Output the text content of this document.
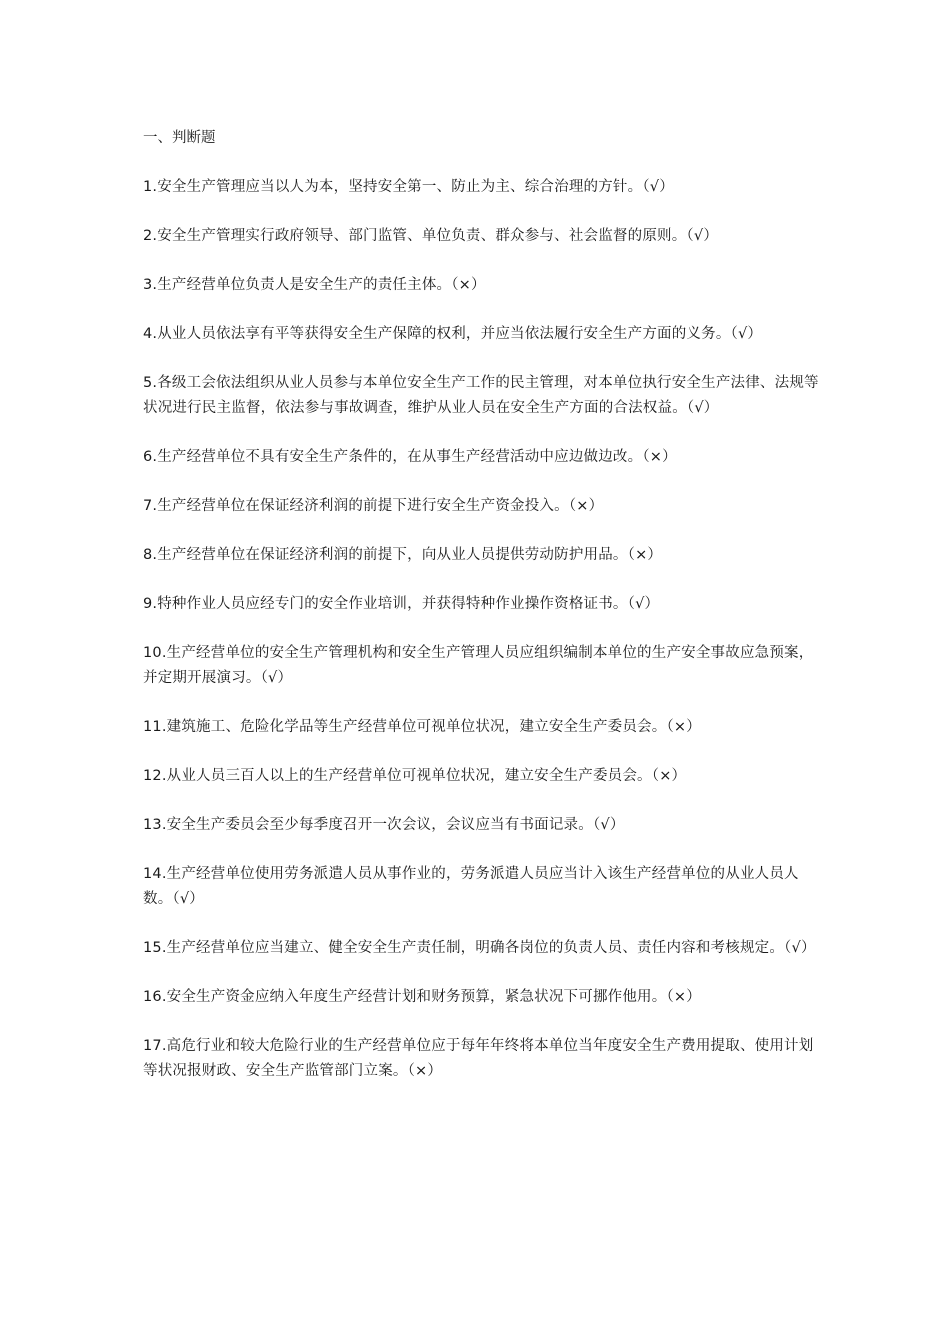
一、判断题

1.安全生产管理应当以人为本，坚持安全第一、防止为主、综合治理的方针。（√）

2.安全生产管理实行政府领导、部门监管、单位负责、群众参与、社会监督的原则。（√）

3.生产经营单位负责人是安全生产的责任主体。（×）

4.从业人员依法享有平等获得安全生产保障的权利，并应当依法履行安全生产方面的义务。（√）

5.各级工会依法组织从业人员参与本单位安全生产工作的民主管理，对本单位执行安全生产法律、法规等状况进行民主监督，依法参与事故调查，维护从业人员在安全生产方面的合法权益。（√）

6.生产经营单位不具有安全生产条件的，在从事生产经营活动中应边做边改。（×）

7.生产经营单位在保证经济利润的前提下进行安全生产资金投入。（×）

8.生产经营单位在保证经济利润的前提下，向从业人员提供劳动防护用品。（×）

9.特种作业人员应经专门的安全作业培训，并获得特种作业操作资格证书。（√）

10.生产经营单位的安全生产管理机构和安全生产管理人员应组织编制本单位的生产安全事故应急预案，并定期开展演习。（√）

11.建筑施工、危险化学品等生产经营单位可视单位状况，建立安全生产委员会。（×）

12.从业人员三百人以上的生产经营单位可视单位状况，建立安全生产委员会。（×）

13.安全生产委员会至少每季度召开一次会议，会议应当有书面记录。（√）

14.生产经营单位使用劳务派遣人员从事作业的，劳务派遣人员应当计入该生产经营单位的从业人员人数。（√）

15.生产经营单位应当建立、健全安全生产责任制，明确各岗位的负责人员、责任内容和考核规定。（√）

16.安全生产资金应纳入年度生产经营计划和财务预算，紧急状况下可挪作他用。（×）

17.高危行业和较大危险行业的生产经营单位应于每年年终将本单位当年度安全生产费用提取、使用计划等状况报财政、安全生产监管部门立案。（×）
